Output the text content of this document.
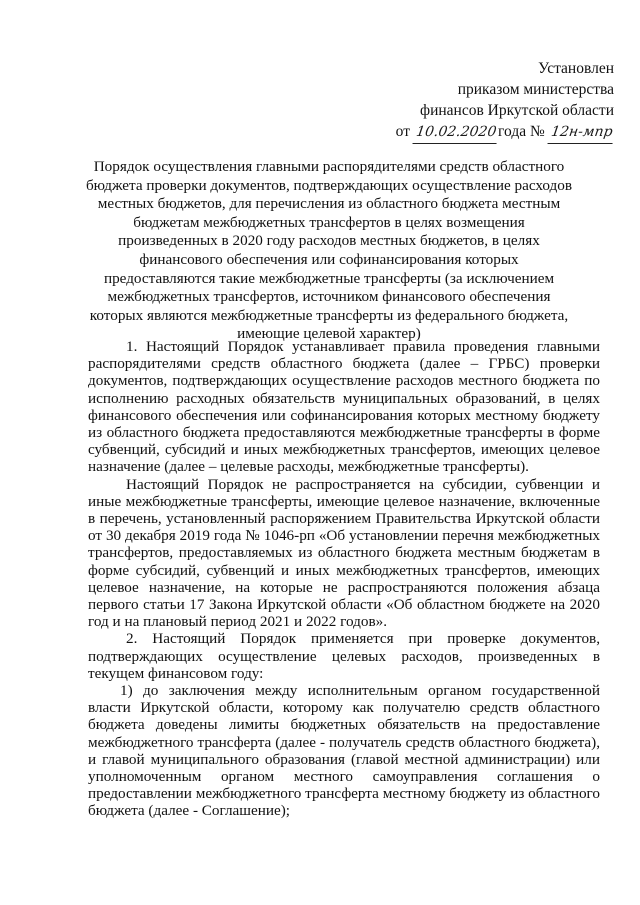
Установлен
приказом министерства
финансов Иркутской области
от 10.02.2020года № 12н-мпр
Порядок осуществления главными распорядителями средств областного бюджета проверки документов, подтверждающих осуществление расходов местных бюджетов, для перечисления из областного бюджета местным бюджетам межбюджетных трансфертов в целях возмещения произведенных в 2020 году расходов местных бюджетов, в целях финансового обеспечения или софинансирования которых предоставляются такие межбюджетные трансферты (за исключением межбюджетных трансфертов, источником финансового обеспечения которых являются межбюджетные трансферты из федерального бюджета, имеющие целевой характер)

1. Настоящий Порядок устанавливает правила проведения главными распорядителями средств областного бюджета (далее – ГРБС) проверки документов, подтверждающих осуществление расходов местного бюджета по исполнению расходных обязательств муниципальных образований, в целях финансового обеспечения или софинансирования которых местному бюджету из областного бюджета предоставляются межбюджетные трансферты в форме субвенций, субсидий и иных межбюджетных трансфертов, имеющих целевое назначение (далее – целевые расходы, межбюджетные трансферты).

Настоящий Порядок не распространяется на субсидии, субвенции и иные межбюджетные трансферты, имеющие целевое назначение, включенные в перечень, установленный распоряжением Правительства Иркутской области от 30 декабря 2019 года № 1046-рп «Об установлении перечня межбюджетных трансфертов, предоставляемых из областного бюджета местным бюджетам в форме субсидий, субвенций и иных межбюджетных трансфертов, имеющих целевое назначение, на которые не распространяются положения абзаца первого статьи 17 Закона Иркутской области «Об областном бюджете на 2020 год и на плановый период 2021 и 2022 годов».

2. Настоящий Порядок применяется при проверке документов, подтверждающих осуществление целевых расходов, произведенных в текущем финансовом году:

1) до заключения между исполнительным органом государственной власти Иркутской области, которому как получателю средств областного бюджета доведены лимиты бюджетных обязательств на предоставление межбюджетного трансферта (далее - получатель средств областного бюджета), и главой муниципального образования (главой местной администрации) или уполномоченным органом местного самоуправления соглашения о предоставлении межбюджетного трансферта местному бюджету из областного бюджета (далее - Соглашение);
